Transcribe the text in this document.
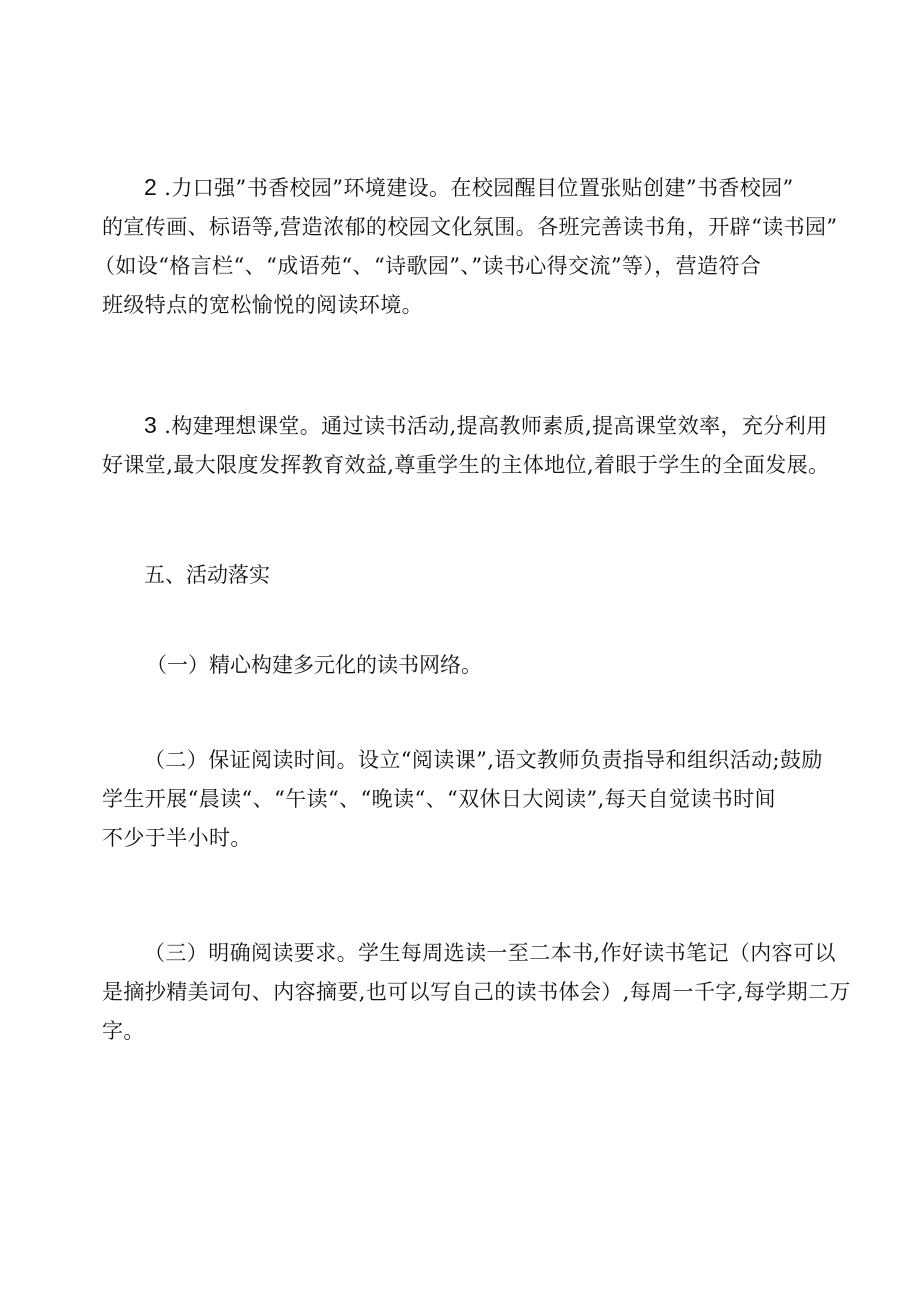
2 .力口强”书香校园”环境建设。在校园醒目位置张贴创建”书香校园”
的宣传画、标语等,营造浓郁的校园文化氛围。各班完善读书角，开辟“读书园”
（如设“格言栏“、“成语苑“、“诗歌园”、”读书心得交流”等），营造符合
班级特点的宽松愉悦的阅读环境。

3 .构建理想课堂。通过读书活动,提高教师素质,提高课堂效率，充分利用
好课堂,最大限度发挥教育效益,尊重学生的主体地位,着眼于学生的全面发展。

五、活动落实

（一）精心构建多元化的读书网络。

（二）保证阅读时间。设立“阅读课”,语文教师负责指导和组织活动;鼓励
学生开展“晨读“、“午读“、“晚读“、“双休日大阅读”,每天自觉读书时间
不少于半小时。

（三）明确阅读要求。学生每周选读一至二本书,作好读书笔记（内容可以
是摘抄精美词句、内容摘要,也可以写自己的读书体会）,每周一千字,每学期二万
字。
